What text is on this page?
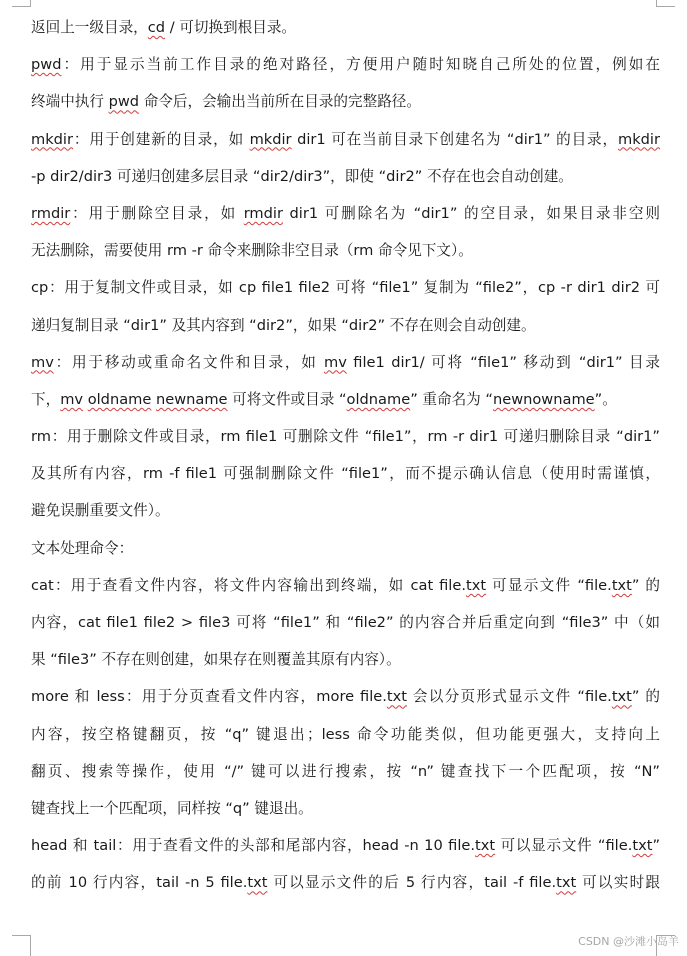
返回上一级目录，cd / 可切换到根目录。
pwd：用于显示当前工作目录的绝对路径，方便用户随时知晓自己所处的位置，例如在
终端中执行 pwd 命令后，会输出当前所在目录的完整路径。
mkdir：用于创建新的目录，如 mkdir dir1 可在当前目录下创建名为 “dir1” 的目录，mkdir
-p dir2/dir3 可递归创建多层目录 “dir2/dir3”，即使 “dir2” 不存在也会自动创建。
rmdir：用于删除空目录，如 rmdir dir1 可删除名为 “dir1” 的空目录，如果目录非空则
无法删除，需要使用 rm -r 命令来删除非空目录（rm 命令见下文）。
cp：用于复制文件或目录，如 cp file1 file2 可将 “file1” 复制为 “file2”，cp -r dir1 dir2 可
递归复制目录 “dir1” 及其内容到 “dir2”，如果 “dir2” 不存在则会自动创建。
mv：用于移动或重命名文件和目录，如 mv file1 dir1/ 可将 “file1” 移动到 “dir1” 目录
下，mv oldname newname 可将文件或目录 “oldname” 重命名为 “newnowname”。
rm：用于删除文件或目录，rm file1 可删除文件 “file1”，rm -r dir1 可递归删除目录 “dir1”
及其所有内容，rm -f file1 可强制删除文件 “file1”，而不提示确认信息（使用时需谨慎，
避免误删重要文件）。
文本处理命令：
cat：用于查看文件内容，将文件内容输出到终端，如 cat file.txt 可显示文件 “file.txt” 的
内容，cat file1 file2 > file3 可将 “file1” 和 “file2” 的内容合并后重定向到 “file3” 中（如
果 “file3” 不存在则创建，如果存在则覆盖其原有内容）。
more 和 less：用于分页查看文件内容，more file.txt 会以分页形式显示文件 “file.txt” 的
内容，按空格键翻页，按 “q” 键退出；less 命令功能类似，但功能更强大，支持向上
翻页、搜索等操作，使用 “/” 键可以进行搜索，按 “n” 键查找下一个匹配项，按 “N”
键查找上一个匹配项，同样按 “q” 键退出。
head 和 tail：用于查看文件的头部和尾部内容，head -n 10 file.txt 可以显示文件 “file.txt”
的前 10 行内容，tail -n 5 file.txt 可以显示文件的后 5 行内容，tail -f file.txt 可以实时跟
CSDN @沙滩小岛羊
